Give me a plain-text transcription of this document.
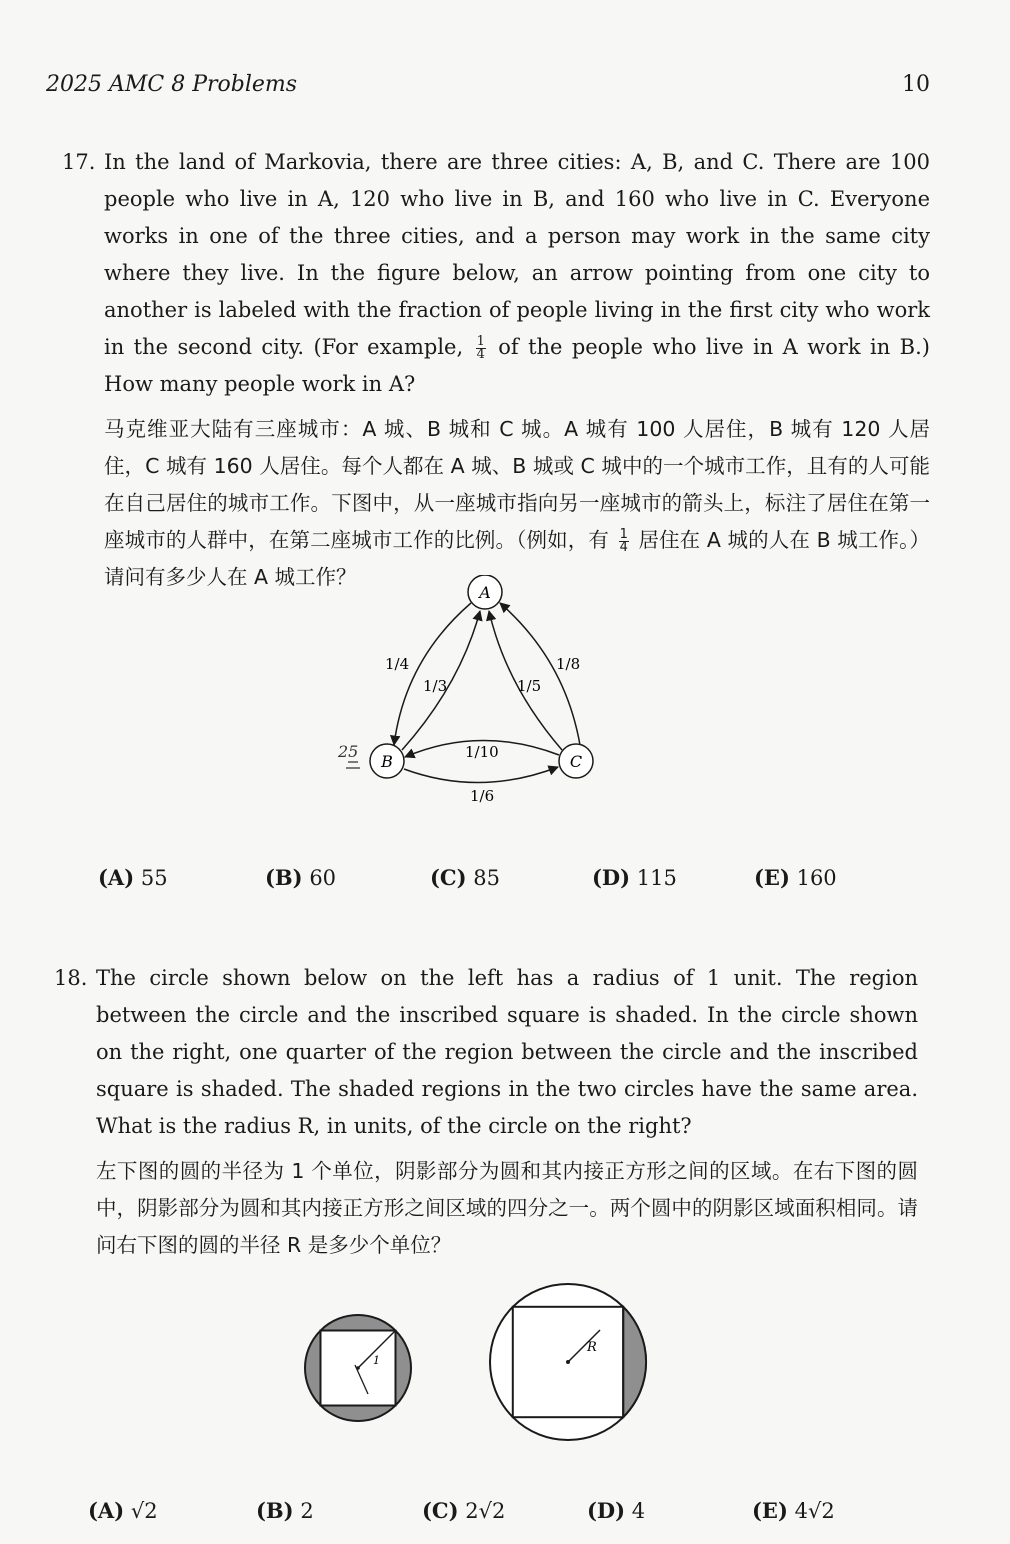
2025 AMC 8 Problems	10
17. In the land of Markovia, there are three cities: A, B, and C. There are 100 people who live in A, 120 who live in B, and 160 who live in C. Everyone works in one of the three cities, and a person may work in the same city where they live. In the figure below, an arrow pointing from one city to another is labeled with the fraction of people living in the first city who work in the second city. (For example, $\frac{1}{4}$ of the people who live in A work in B.) How many people work in A?
马克维亚大陆有三座城市：A 城、B 城和 C 城。A 城有 100 人居住，B 城有 120 人居住，C 城有 160 人居住。每个人都在 A 城、B 城或 C 城中的一个城市工作，且有的人可能在自己居住的城市工作。下图中，从一座城市指向另一座城市的箭头上，标注了居住在第一座城市的人群中，在第二座城市工作的比例。（例如，有 $\frac{1}{4}$ 居住在 A 城的人在 B 城工作。）请问有多少人在 A 城工作？
A
B	C
1/4
1/3	1/5
1/8
1/10
1/6
25
(A) 55	(B) 60	(C) 85	(D) 115	(E) 160
18. The circle shown below on the left has a radius of 1 unit. The region between the circle and the inscribed square is shaded. In the circle shown on the right, one quarter of the region between the circle and the inscribed square is shaded. The shaded regions in the two circles have the same area. What is the radius R, in units, of the circle on the right?
左下图的圆的半径为 1 个单位，阴影部分为圆和其内接正方形之间的区域。在右下图的圆中，阴影部分为圆和其内接正方形之间区域的四分之一。两个圆中的阴影区域面积相同。请问右下图的圆的半径 R 是多少个单位？
1
R
(A) √2	(B) 2	(C) 2√2	(D) 4	(E) 4√2
